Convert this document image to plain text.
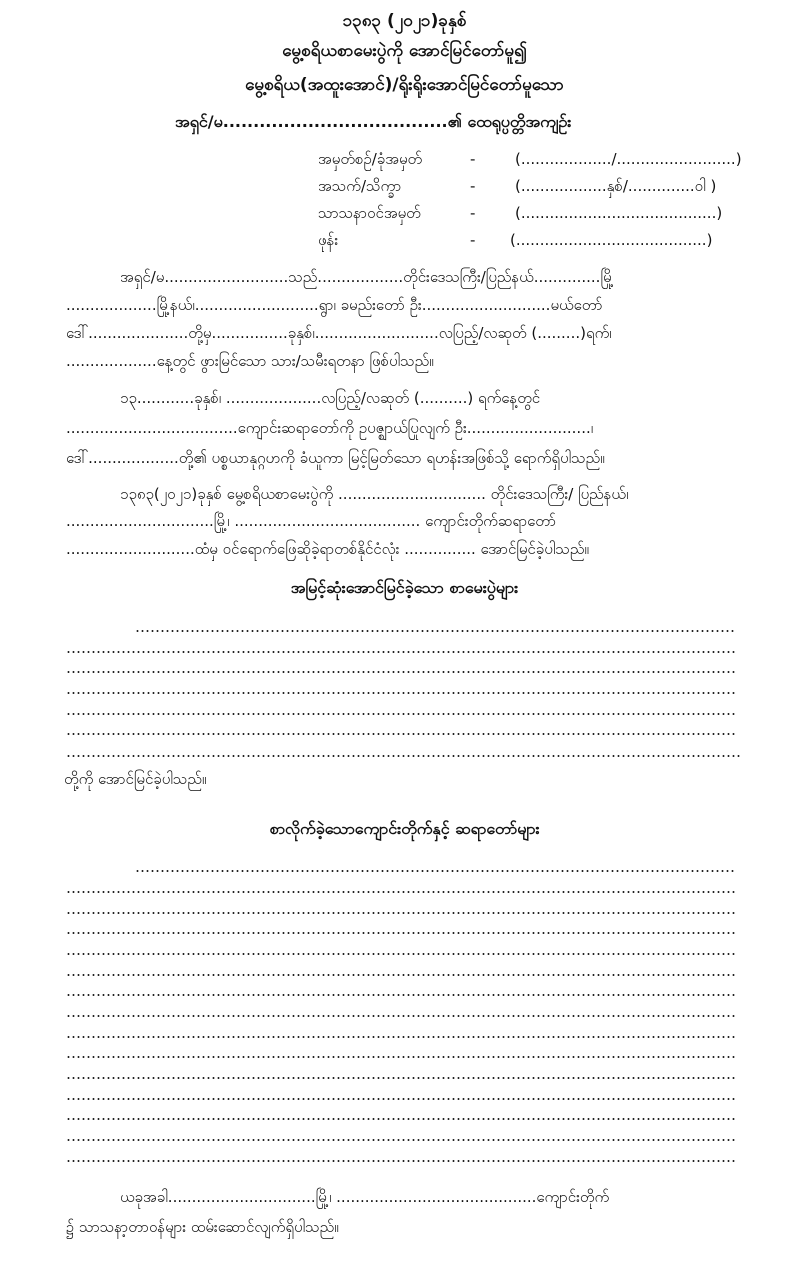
၁၃၈၃ (၂၀၂၁)ခုနှစ်
မွေ့စရိယစာမေးပွဲကို အောင်မြင်တော်မူ၍
မွေ့စရိယ(အထူးအောင်)/ရိုးရိုးအောင်မြင်တော်မူသော
အရှင်/မ.....................................၏ ထေရုပ္ပတ္တိအကျဉ်း
အမှတ်စဉ်/ခုံအမှတ်	-	(.................../.........................)
အသက်/သိက္ခာ	-	(..................နှစ်/..............ဝါ )
သာသနာဝင်အမှတ်	-	(.........................................)
ဖုန်း	- (........................................)
အရှင်/မ..........................သည်..................တိုင်းဒေသကြီး/ပြည်နယ်..............မြို့
...................မြို့နယ်၊..........................ရွာ၊ ခမည်းတော် ဦး...........................မယ်တော်
ဒေါ်.....................တို့မှ................ခုနှစ်၊..........................လပြည့်/လဆုတ် (.........)ရက်၊
...................နေ့တွင် ဖွားမြင်သော သား/သမီးရတနာ ဖြစ်ပါသည်။
၁၃............ခုနှစ်၊ ....................လပြည့်/လဆုတ် (..........) ရက်နေ့တွင်
....................................ကျောင်းဆရာတော်ကို ဥပဇ္ဈာယ်ပြုလျက် ဦး..........................၊
ဒေါ်...................တို့၏ ပစ္စယာနုဂ္ဂဟကို ခံယူကာ မြင့်မြတ်သော ရဟန်းအဖြစ်သို့ ရောက်ရှိပါသည်။
၁၃၈၃(၂၀၂၁)ခုနှစ် မွေ့စရိယစာမေးပွဲကို ............................... တိုင်းဒေသကြီး/ ပြည်နယ်၊
...............................မြို့၊ ....................................... ကျောင်းတိုက်ဆရာတော်
...........................ထံမှ ဝင်ရောက်ဖြေဆိုခဲ့ရာတစ်နိုင်ငံလုံး ............... အောင်မြင်ခဲ့ပါသည်။
အမြင့်ဆုံးအောင်မြင်ခဲ့သော စာမေးပွဲများ
တို့ကို အောင်မြင်ခဲ့ပါသည်။
စာလိုက်ခဲ့သောကျောင်းတိုက်နှင့် ဆရာတော်များ
ယခုအခါ...............................မြို့၊ ..........................................ကျောင်းတိုက်
၌ သာသနာ့တာဝန်များ ထမ်းဆောင်လျက်ရှိပါသည်။
